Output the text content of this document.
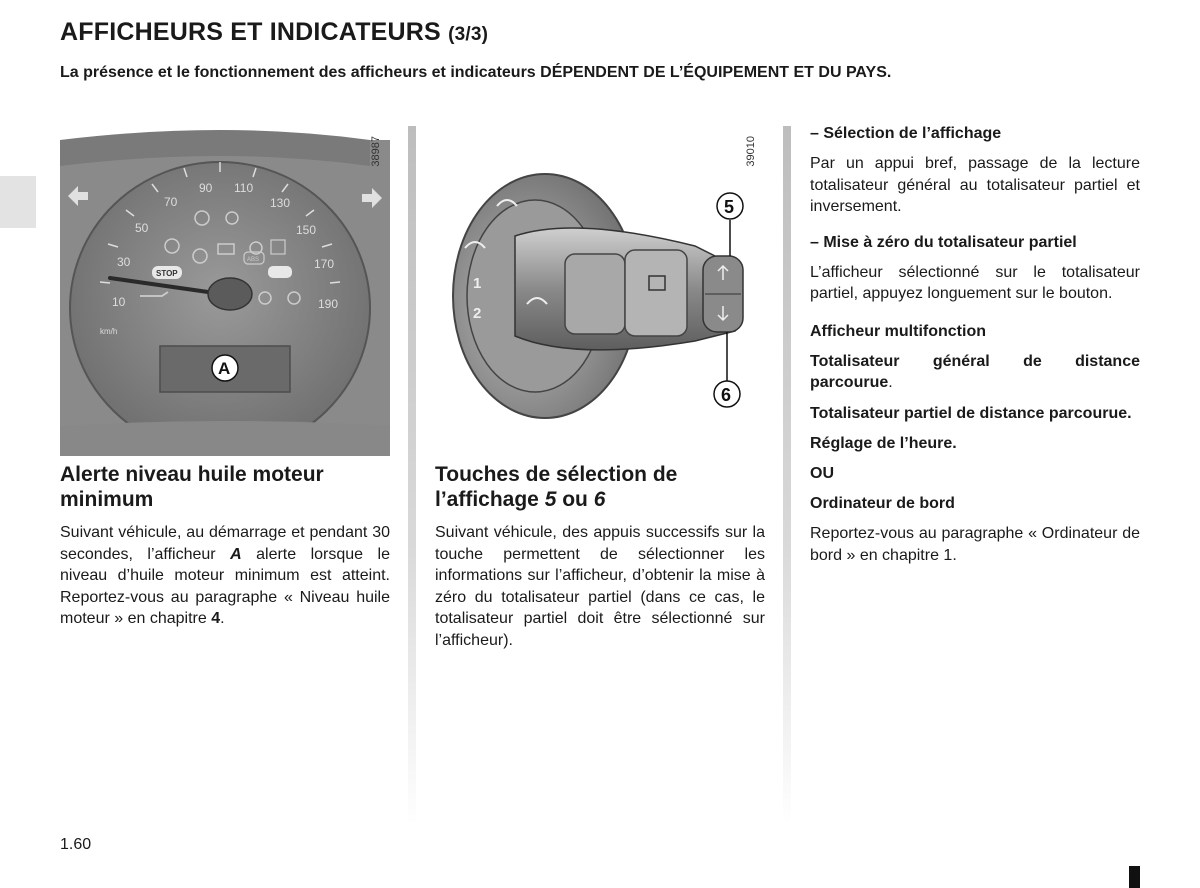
AFFICHEURS ET INDICATEURS (3/3)
La présence et le fonctionnement des afficheurs et indicateurs DÉPENDENT DE L’ÉQUIPEMENT ET DU PAYS.
10
30
50
70
90 110
130
150
170
190
km/h
ABS
STOP
A
38987
1
2
5
6
39010
Alerte niveau huile moteur minimum
Suivant véhicule, au démarrage et pendant 30 secondes, l’afficheur A alerte lorsque le niveau d’huile moteur minimum est atteint. Reportez-vous au paragraphe « Niveau huile moteur » en chapitre 4.
Touches de sélection de l’affichage 5 ou 6
Suivant véhicule, des appuis successifs sur la touche permettent de sélectionner les informations sur l’afficheur, d’obtenir la mise à zéro du totalisateur partiel (dans ce cas, le totalisateur partiel doit être sélectionné sur l’afficheur).

– Sélection de l’affichage

Par un appui bref, passage de la lecture totalisateur général au totalisateur partiel et inversement.

– Mise à zéro du totalisateur partiel

L’afficheur sélectionné sur le totalisateur partiel, appuyez longuement sur le bouton.

Afficheur multifonction

Totalisateur général de distance parcourue.

Totalisateur partiel de distance parcourue.

Réglage de l’heure.

OU

Ordinateur de bord

Reportez-vous au paragraphe « Ordinateur de bord » en chapitre 1.

1.60
